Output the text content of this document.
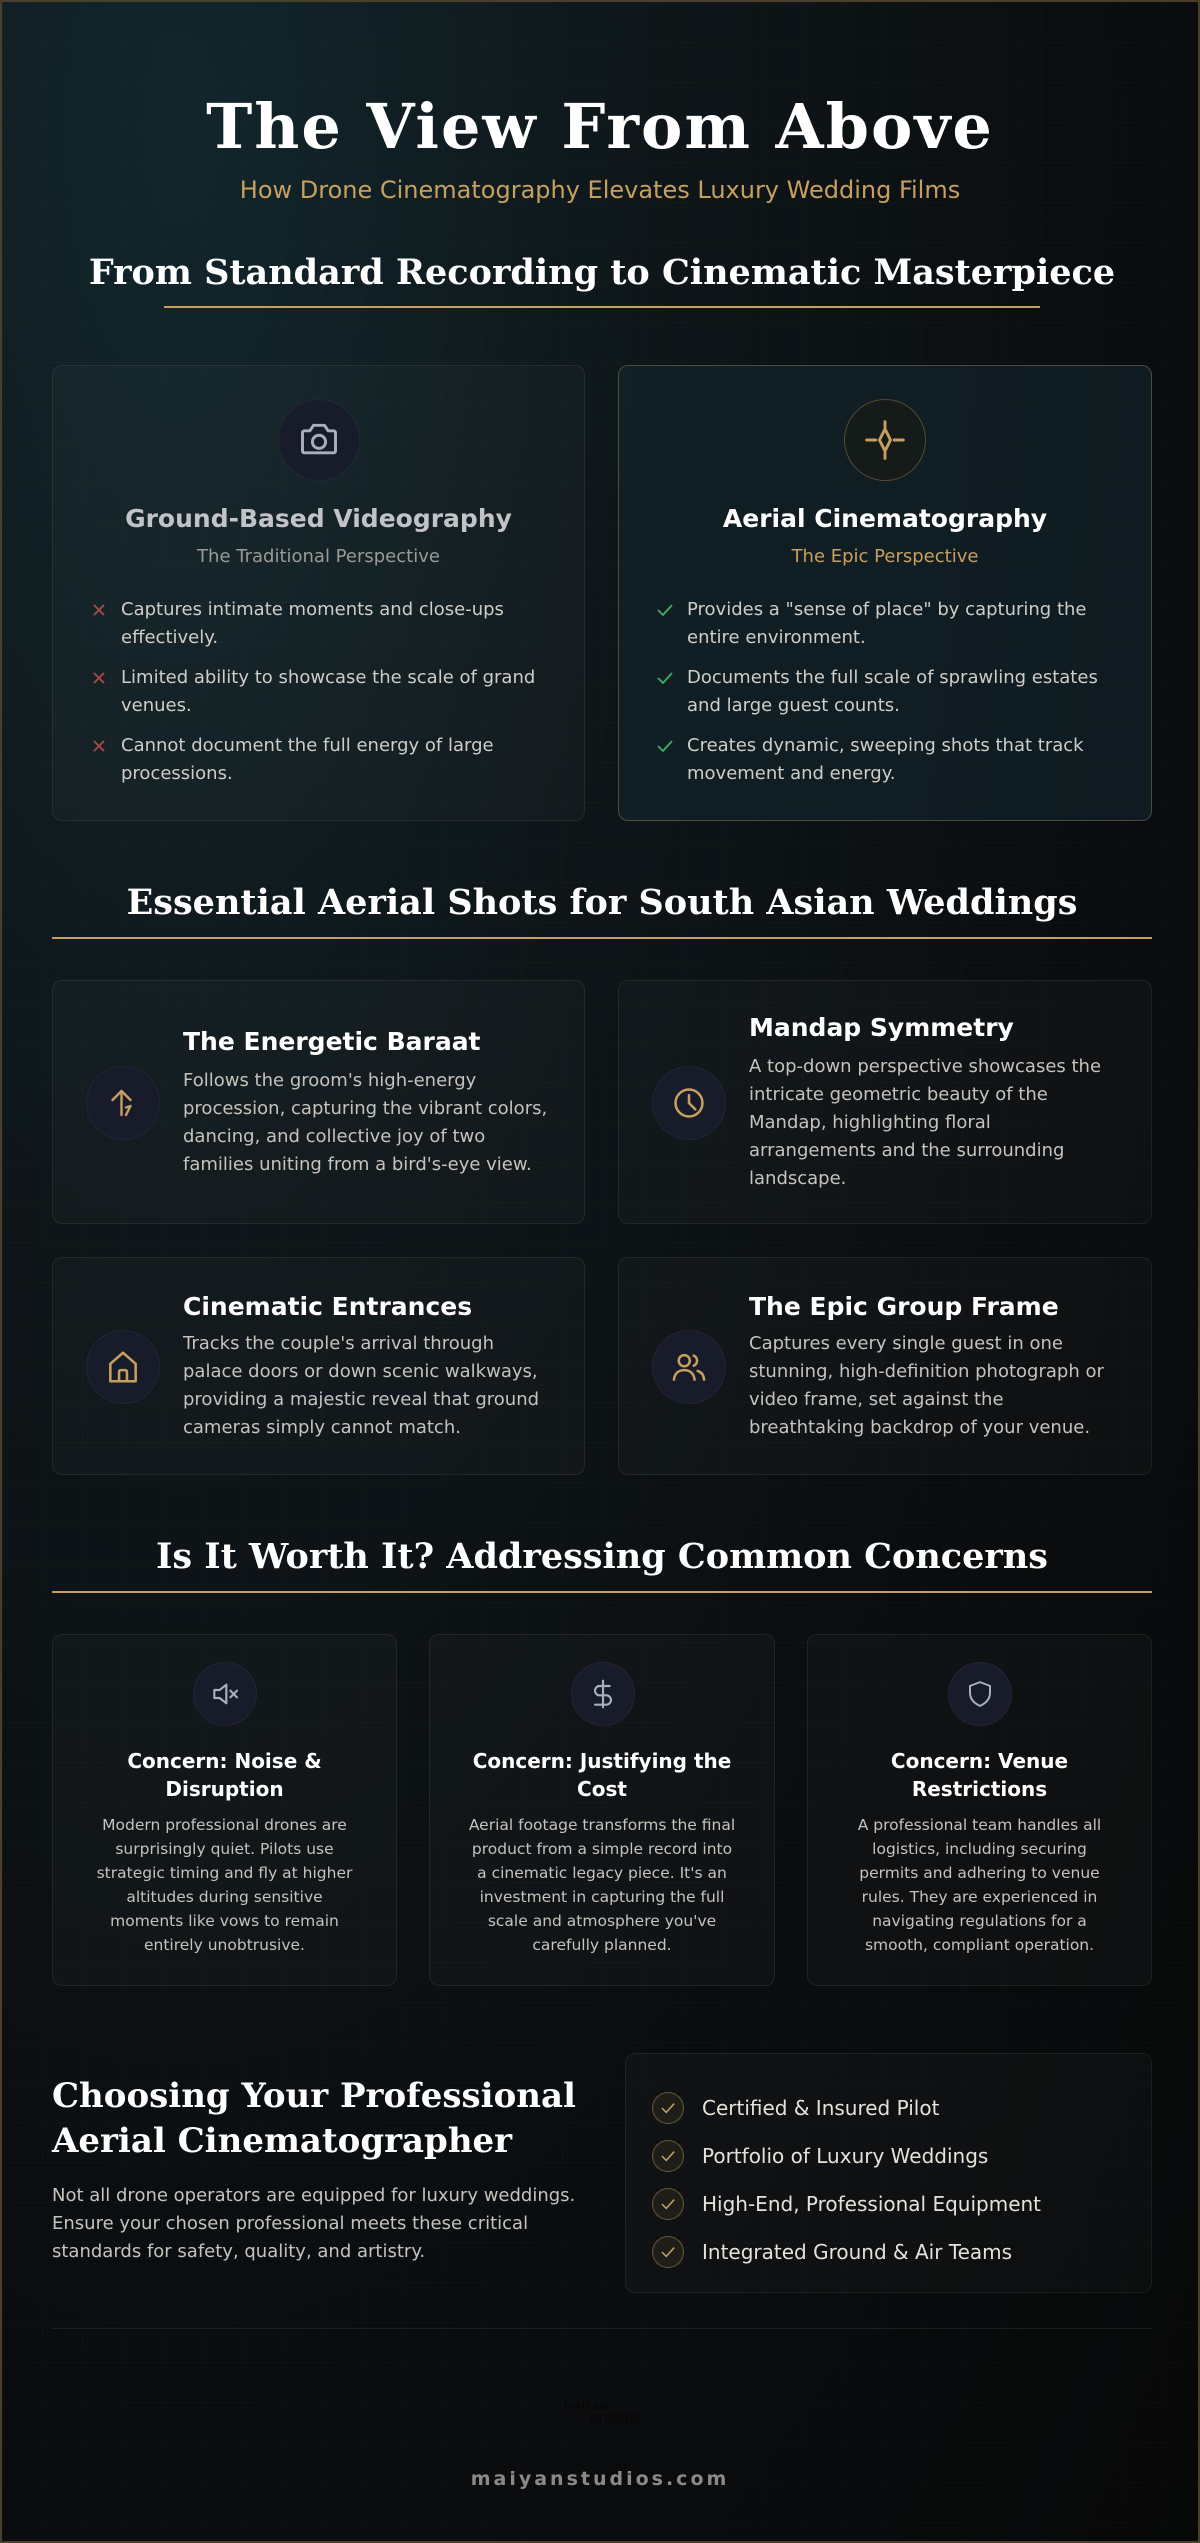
The View From Above
How Drone Cinematography Elevates Luxury Wedding Films
From Standard Recording to Cinematic Masterpiece
Ground-Based Videography
The Traditional Perspective
Captures intimate moments and close-ups effectively.
Limited ability to showcase the scale of grand venues.
Cannot document the full energy of large processions.
Aerial Cinematography
The Epic Perspective
Provides a "sense of place" by capturing the entire environment.
Documents the full scale of sprawling estates and large guest counts.
Creates dynamic, sweeping shots that track movement and energy.
Essential Aerial Shots for South Asian Weddings
The Energetic Baraat
Follows the groom's high-energy procession, capturing the vibrant colors, dancing, and collective joy of two families uniting from a bird's-eye view.
Mandap Symmetry
A top-down perspective showcases the intricate geometric beauty of the Mandap, highlighting floral arrangements and the surrounding landscape.
Cinematic Entrances
Tracks the couple's arrival through palace doors or down scenic walkways, providing a majestic reveal that ground cameras simply cannot match.
The Epic Group Frame
Captures every single guest in one stunning, high-definition photograph or video frame, set against the breathtaking backdrop of your venue.
Is It Worth It? Addressing Common Concerns
Concern: Noise & Disruption
Modern professional drones are surprisingly quiet. Pilots use strategic timing and fly at higher altitudes during sensitive moments like vows to remain entirely unobtrusive.
Concern: Justifying the Cost
Aerial footage transforms the final product from a simple record into a cinematic legacy piece. It's an investment in capturing the full scale and atmosphere you've carefully planned.
Concern: Venue Restrictions
A professional team handles all logistics, including securing permits and adhering to venue rules. They are experienced in navigating regulations for a smooth, compliant operation.
Choosing Your Professional Aerial Cinematographer

Not all drone operators are equipped for luxury weddings. Ensure your chosen professional meets these critical standards for safety, quality, and artistry.

Certified & Insured Pilot
Portfolio of Luxury Weddings
High-End, Professional Equipment
Integrated Ground & Air Teams
MAIYAN
STUDIOS
maiyanstudios.com
